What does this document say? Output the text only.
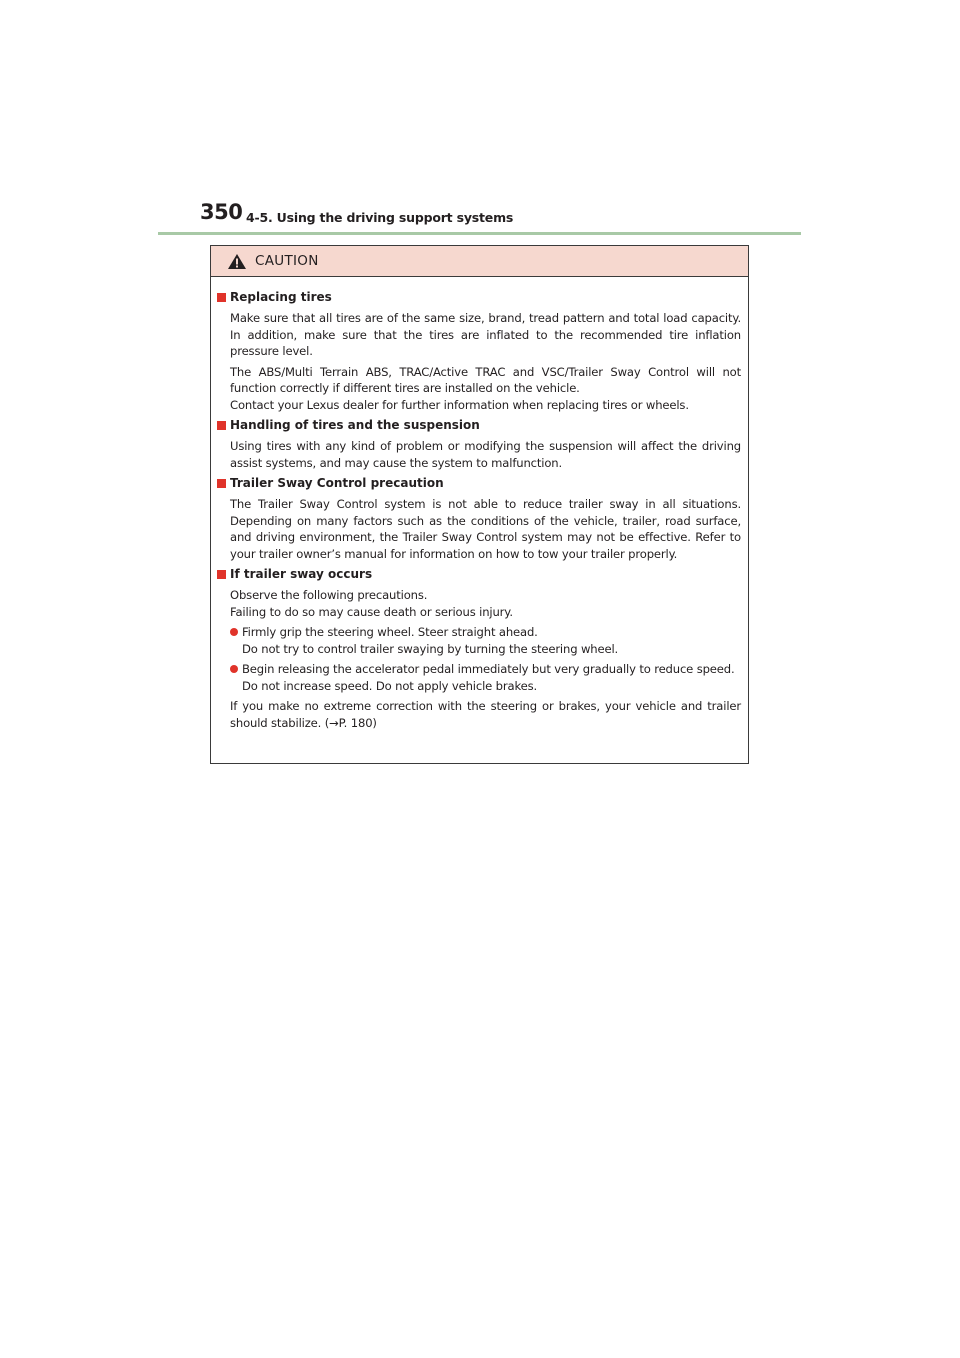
350 4-5. Using the driving support systems
CAUTION
Replacing tires

Make sure that all tires are of the same size, brand, tread pattern and total load capacity. In addition, make sure that the tires are inflated to the recommended tire inflation pressure level.

The ABS/Multi Terrain ABS, TRAC/Active TRAC and VSC/Trailer Sway Control will not function correctly if different tires are installed on the vehicle.

Contact your Lexus dealer for further information when replacing tires or wheels.

Handling of tires and the suspension

Using tires with any kind of problem or modifying the suspension will affect the driving assist systems, and may cause the system to malfunction.

Trailer Sway Control precaution

The Trailer Sway Control system is not able to reduce trailer sway in all situations. Depending on many factors such as the conditions of the vehicle, trailer, road surface, and driving environment, the Trailer Sway Control system may not be effective. Refer to your trailer owner’s manual for information on how to tow your trailer properly.

If trailer sway occurs

Observe the following precautions.

Failing to do so may cause death or serious injury.

Firmly grip the steering wheel. Steer straight ahead.
Do not try to control trailer swaying by turning the steering wheel.
Begin releasing the accelerator pedal immediately but very gradually to reduce speed.
Do not increase speed. Do not apply vehicle brakes.

If you make no extreme correction with the steering or brakes, your vehicle and trailer should stabilize. (→P. 180)
